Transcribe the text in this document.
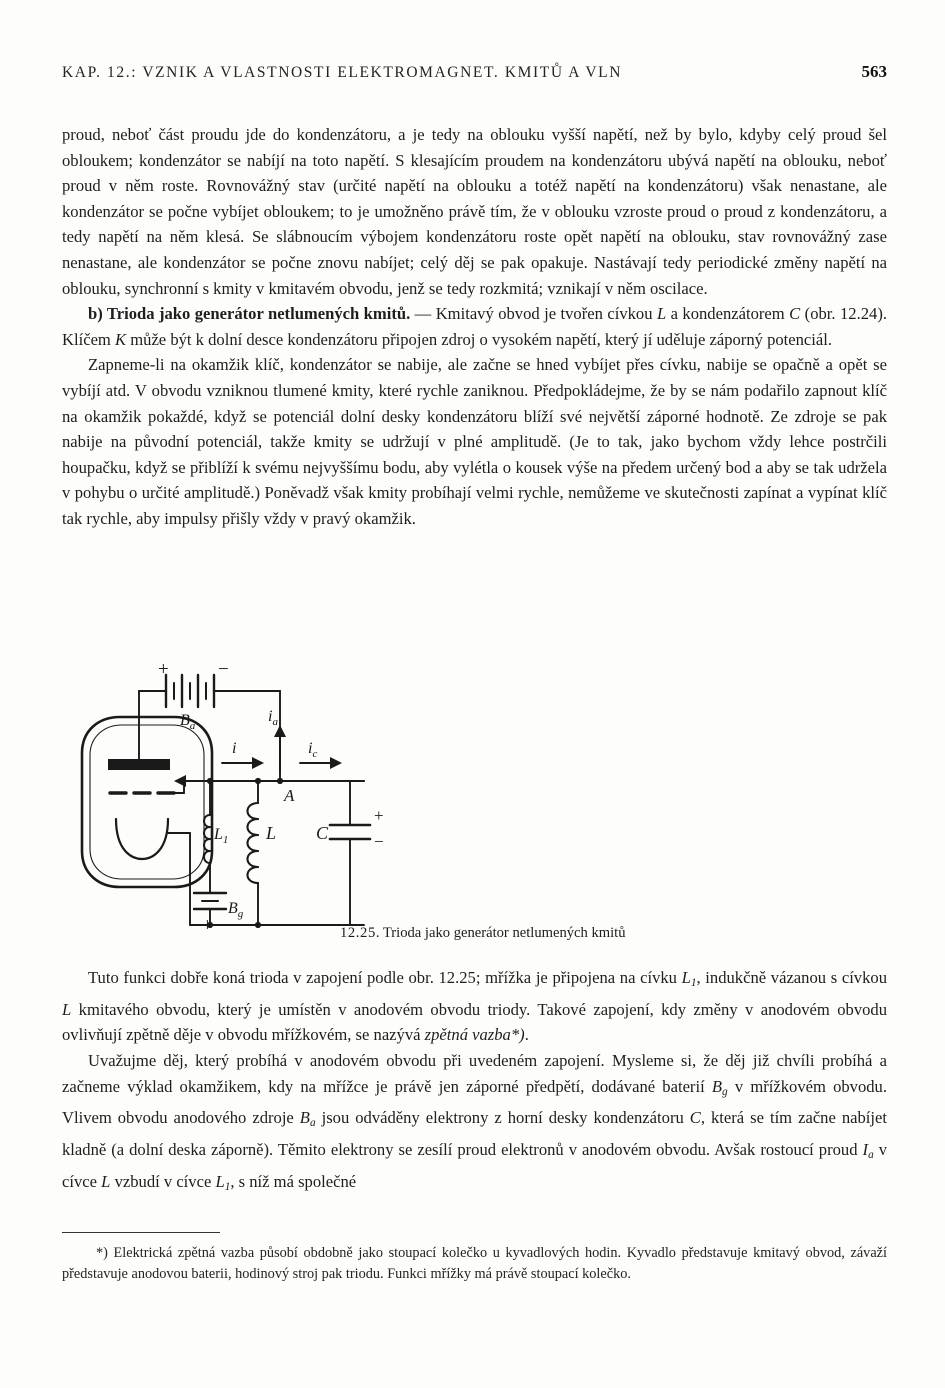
KAP. 12.: VZNIK A VLASTNOSTI ELEKTROMAGNET. KMITŮ A VLN	563

proud, neboť část proudu jde do kondenzátoru, a je tedy na oblouku vyšší napětí, než by bylo, kdyby celý proud šel obloukem; kondenzátor se nabíjí na toto napětí. S klesajícím proudem na kondenzátoru ubývá napětí na oblouku, neboť proud v něm roste. Rovnovážný stav (určité napětí na oblouku a totéž napětí na kondenzátoru) však nenastane, ale kondenzátor se počne vybíjet obloukem; to je umožněno právě tím, že v oblouku vzroste proud o proud z kondenzátoru, a tedy napětí na něm klesá. Se slábnoucím výbojem kondenzátoru roste opět napětí na oblouku, stav rovnovážný zase nenastane, ale kondenzátor se počne znovu nabíjet; celý děj se pak opakuje. Nastávají tedy periodické změny napětí na oblouku, synchronní s kmity v kmitavém obvodu, jenž se tedy rozkmitá; vznikají v něm oscilace.

b) Trioda jako generátor netlumených kmitů. — Kmitavý obvod je tvořen cívkou L a kondenzátorem C (obr. 12.24). Klíčem K může být k dolní desce kondenzátoru připojen zdroj o vysokém napětí, který jí uděluje záporný potenciál.

Zapneme-li na okamžik klíč, kondenzátor se nabije, ale začne se hned vybíjet přes cívku, nabije se opačně a opět se vybíjí atd. V obvodu vzniknou tlumené kmity, které rychle zaniknou. Předpokládejme, že by se nám podařilo zapnout klíč na okamžik pokaždé, když se potenciál dolní desky kondenzátoru blíží své největší záporné hodnotě. Ze zdroje se pak nabije na původní potenciál, takže kmity se udržují v plné amplitudě. (Je to tak, jako bychom vždy lehce postrčili houpačku, když se přiblíží k svému nejvyššímu bodu, aby vylétla o kousek výše na předem určený bod a aby se tak udržela v pohybu o určité amplitudě.) Poněvadž však kmity probíhají velmi rychle, nemůžeme ve skutečnosti zapínat a vypínat klíč tak rychle, aby impulsy přišly vždy v pravý okamžik.

+	−
$B_a$
$i_a$
i	$i_c$
A
$L_1$ L C
+
−
$B_g$
+	12.25. Trioda jako generátor netlumených kmitů

Tuto funkci dobře koná trioda v zapojení podle obr. 12.25; mřížka je připojena na cívku $L_1$, indukčně vázanou s cívkou L kmitavého obvodu, který je umístěn v anodovém obvodu triody. Takové zapojení, kdy změny v anodovém obvodu ovlivňují zpětně děje v obvodu mřížkovém, se nazývá zpětná vazba*).

Uvažujme děj, který probíhá v anodovém obvodu při uvedeném zapojení. Mysleme si, že děj již chvíli probíhá a začneme výklad okamžikem, kdy na mřížce je právě jen záporné předpětí, dodávané baterií $B_g$ v mřížkovém obvodu. Vlivem obvodu anodového zdroje $B_a$ jsou odváděny elektrony z horní desky kondenzátoru C, která se tím začne nabíjet kladně (a dolní deska záporně). Těmito elektrony se zesílí proud elektronů v anodovém obvodu. Avšak rostoucí proud $I_a$ v cívce L vzbudí v cívce $L_1$, s níž má společné

*) Elektrická zpětná vazba působí obdobně jako stoupací kolečko u kyvadlových hodin. Kyvadlo představuje kmitavý obvod, závaží představuje anodovou baterii, hodinový stroj pak triodu. Funkci mřížky má právě stoupací kolečko.
